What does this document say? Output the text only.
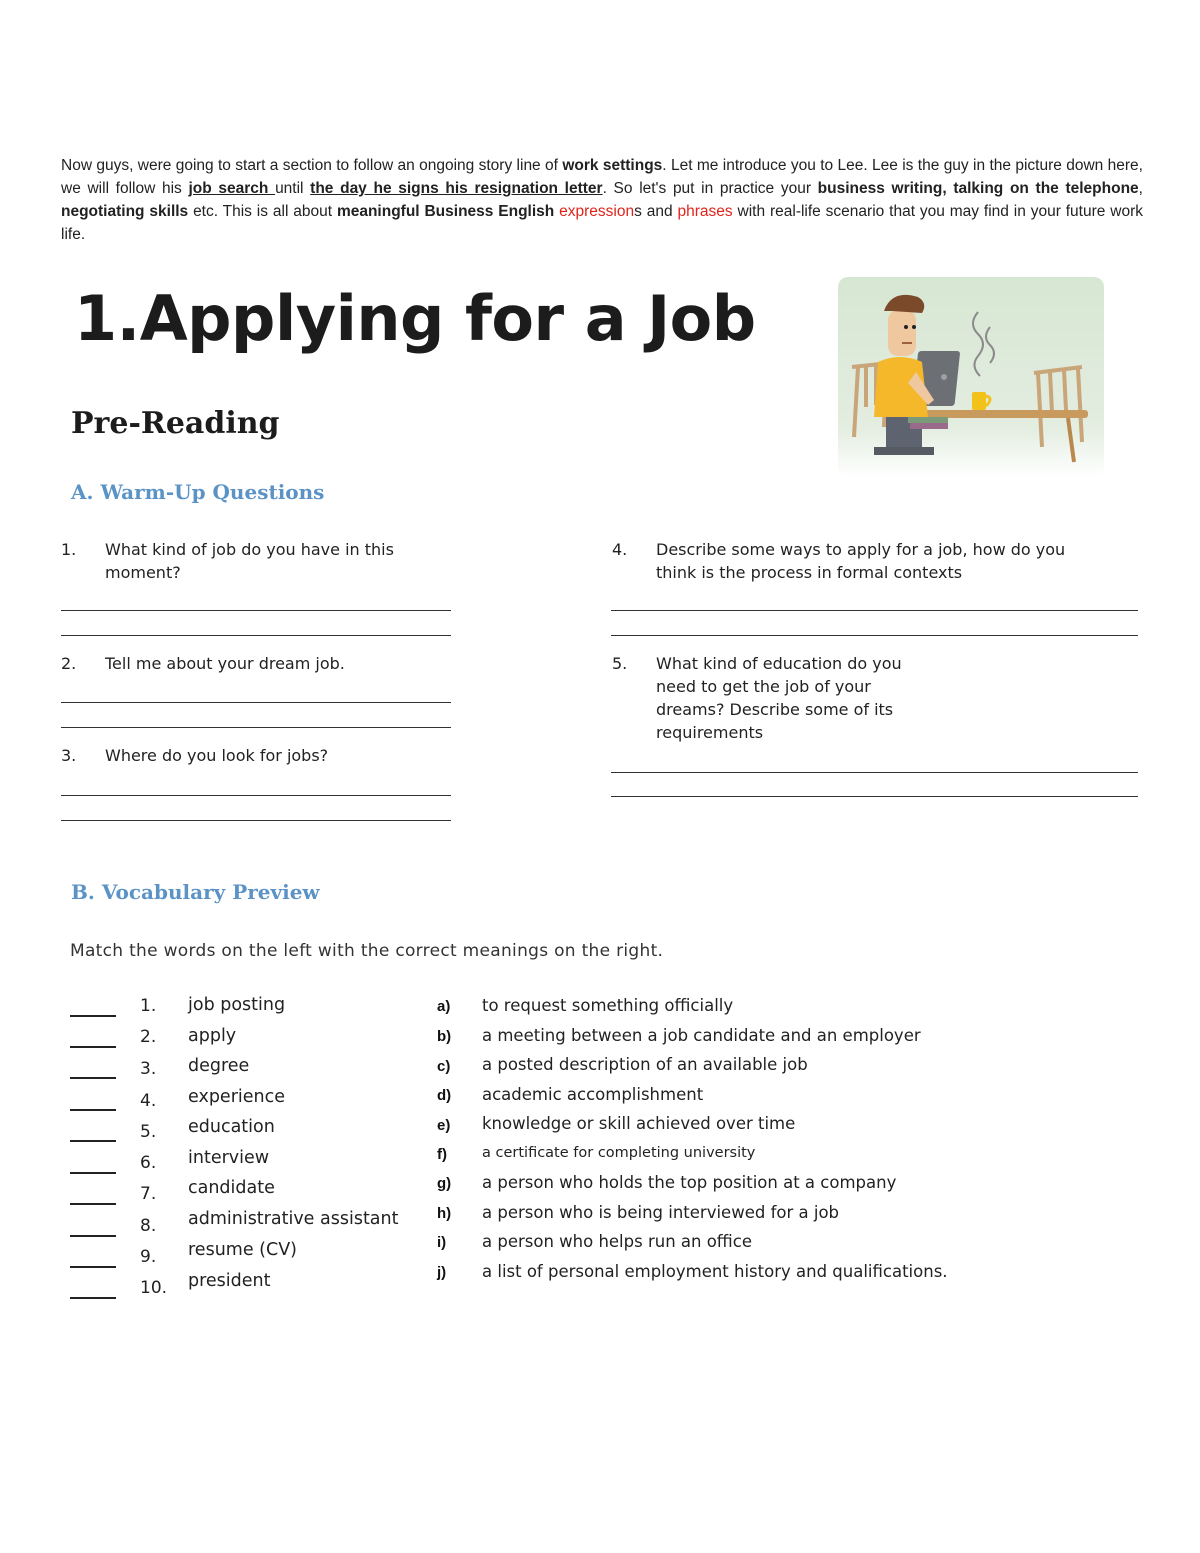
Now guys, were going to start a section to follow an ongoing story line of work settings. Let me introduce you to Lee. Lee is the guy in the picture down here, we will follow his job search until the day he signs his resignation letter. So let's put in practice your business writing, talking on the telephone, negotiating skills etc. This is all about meaningful Business English expressions and phrases with real-life scenario that you may find in your future work life.
1.Applying for a Job
Pre-Reading
A. Warm-Up Questions
1. What kind of job do you have in this
moment?
2. Tell me about your dream job.
3. Where do you look for jobs?
4. Describe some ways to apply for a job, how do you
think is the process in formal contexts
5. What kind of education do you
need to get the job of your
dreams? Describe some of its
requirements
B. Vocabulary Preview
Match the words on the left with the correct meanings on the right.
1. job posting
2. apply
3. degree
4. experience
5. education
6. interview
7. candidate
8. administrative assistant
9. resume (CV)
10. president
a) to request something officially
b) a meeting between a job candidate and an employer
c) a posted description of an available job
d) academic accomplishment
e) knowledge or skill achieved over time
f) a certificate for completing university
g) a person who holds the top position at a company
h) a person who is being interviewed for a job
i) a person who helps run an office
j) a list of personal employment history and qualifications.
